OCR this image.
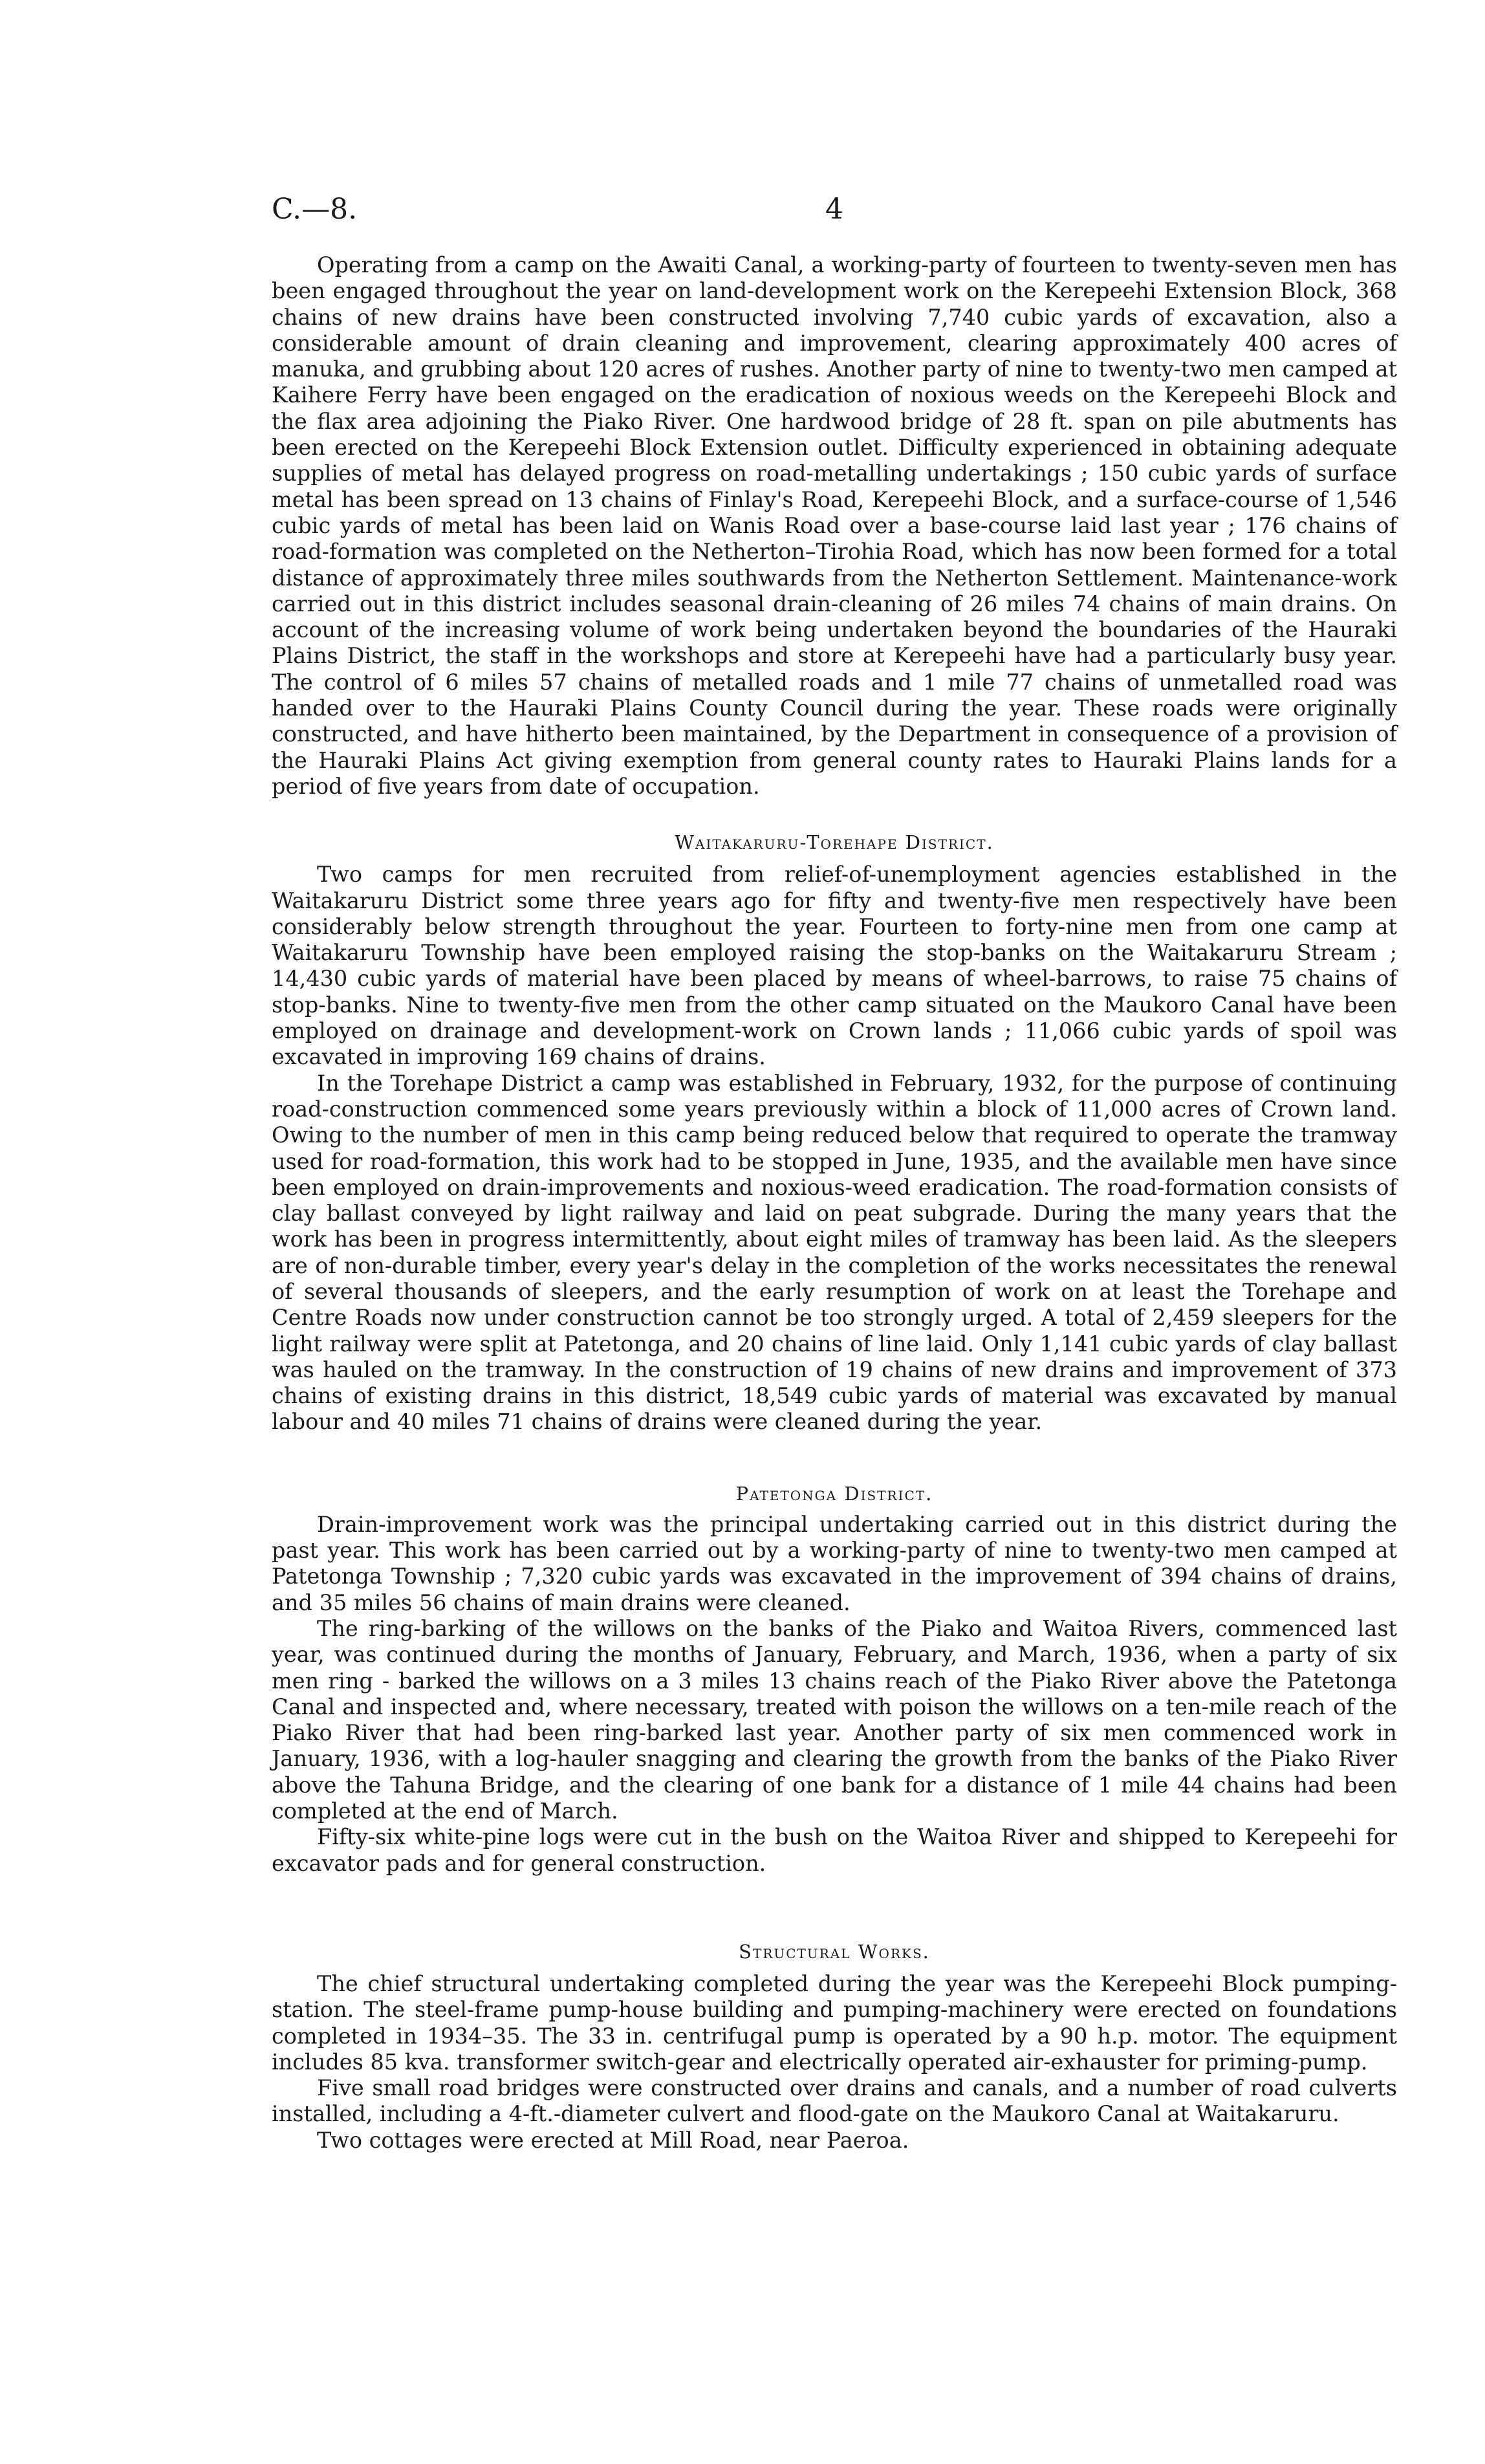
C.—8.	4

Operating from a camp on the Awaiti Canal, a working-party of fourteen to twenty-seven men has been engaged throughout the year on land-development work on the Kerepeehi Extension Block, 368 chains of new drains have been constructed involving 7,740 cubic yards of excavation, also a considerable amount of drain cleaning and improvement, clearing approximately 400 acres of manuka, and grubbing about 120 acres of rushes. Another party of nine to twenty-two men camped at Kaihere Ferry have been engaged on the eradication of noxious weeds on the Kerepeehi Block and the flax area adjoining the Piako River. One hardwood bridge of 28 ft. span on pile abutments has been erected on the Kerepeehi Block Extension outlet. Difficulty experienced in obtaining adequate supplies of metal has delayed progress on road-metalling undertakings ; 150 cubic yards of surface metal has been spread on 13 chains of Finlay's Road, Kerepeehi Block, and a surface-course of 1,546 cubic yards of metal has been laid on Wanis Road over a base-course laid last year ; 176 chains of road-formation was completed on the Netherton–Tirohia Road, which has now been formed for a total distance of approximately three miles southwards from the Netherton Settlement. Maintenance-work carried out in this district includes seasonal drain-cleaning of 26 miles 74 chains of main drains. On account of the increasing volume of work being undertaken beyond the boundaries of the Hauraki Plains District, the staff in the workshops and store at Kerepeehi have had a particularly busy year. The control of 6 miles 57 chains of metalled roads and 1 mile 77 chains of unmetalled road was handed over to the Hauraki Plains County Council during the year. These roads were originally constructed, and have hitherto been maintained, by the Department in consequence of a provision of the Hauraki Plains Act giving exemption from general county rates to Hauraki Plains lands for a period of five years from date of occupation.

Waitakaruru-Torehape District.

Two camps for men recruited from relief-of-unemployment agencies established in the Waitakaruru District some three years ago for fifty and twenty-five men respectively have been considerably below strength throughout the year. Fourteen to forty-nine men from one camp at Waitakaruru Township have been employed raising the stop-banks on the Waitakaruru Stream ; 14,430 cubic yards of material have been placed by means of wheel-barrows, to raise 75 chains of stop-banks. Nine to twenty-five men from the other camp situated on the Maukoro Canal have been employed on drainage and development-work on Crown lands ; 11,066 cubic yards of spoil was excavated in improving 169 chains of drains.

In the Torehape District a camp was established in February, 1932, for the purpose of continuing road-construction commenced some years previously within a block of 11,000 acres of Crown land. Owing to the number of men in this camp being reduced below that required to operate the tramway used for road-formation, this work had to be stopped in June, 1935, and the available men have since been employed on drain-improvements and noxious-weed eradication. The road-formation consists of clay ballast conveyed by light railway and laid on peat subgrade. During the many years that the work has been in progress intermittently, about eight miles of tramway has been laid. As the sleepers are of non-durable timber, every year's delay in the completion of the works necessitates the renewal of several thousands of sleepers, and the early resumption of work on at least the Torehape and Centre Roads now under construction cannot be too strongly urged. A total of 2,459 sleepers for the light railway were split at Patetonga, and 20 chains of line laid. Only 1,141 cubic yards of clay ballast was hauled on the tramway. In the construction of 19 chains of new drains and improvement of 373 chains of existing drains in this district, 18,549 cubic yards of material was excavated by manual labour and 40 miles 71 chains of drains were cleaned during the year.

Patetonga District.

Drain-improvement work was the principal undertaking carried out in this district during the past year. This work has been carried out by a working-party of nine to twenty-two men camped at Patetonga Township ; 7,320 cubic yards was excavated in the improvement of 394 chains of drains, and 35 miles 56 chains of main drains were cleaned.

The ring-barking of the willows on the banks of the Piako and Waitoa Rivers, commenced last year, was continued during the months of January, February, and March, 1936, when a party of six men ring - barked the willows on a 3 miles 13 chains reach of the Piako River above the Patetonga Canal and inspected and, where necessary, treated with poison the willows on a ten-mile reach of the Piako River that had been ring-barked last year. Another party of six men commenced work in January, 1936, with a log-hauler snagging and clearing the growth from the banks of the Piako River above the Tahuna Bridge, and the clearing of one bank for a distance of 1 mile 44 chains had been completed at the end of March.

Fifty-six white-pine logs were cut in the bush on the Waitoa River and shipped to Kerepeehi for excavator pads and for general construction.

Structural Works.

The chief structural undertaking completed during the year was the Kerepeehi Block pumping-station. The steel-frame pump-house building and pumping-machinery were erected on foundations completed in 1934–35. The 33 in. centrifugal pump is operated by a 90 h.p. motor. The equipment includes 85 kva. transformer switch-gear and electrically operated air-exhauster for priming-pump.

Five small road bridges were constructed over drains and canals, and a number of road culverts installed, including a 4-ft.-diameter culvert and flood-gate on the Maukoro Canal at Waitakaruru.

Two cottages were erected at Mill Road, near Paeroa.
